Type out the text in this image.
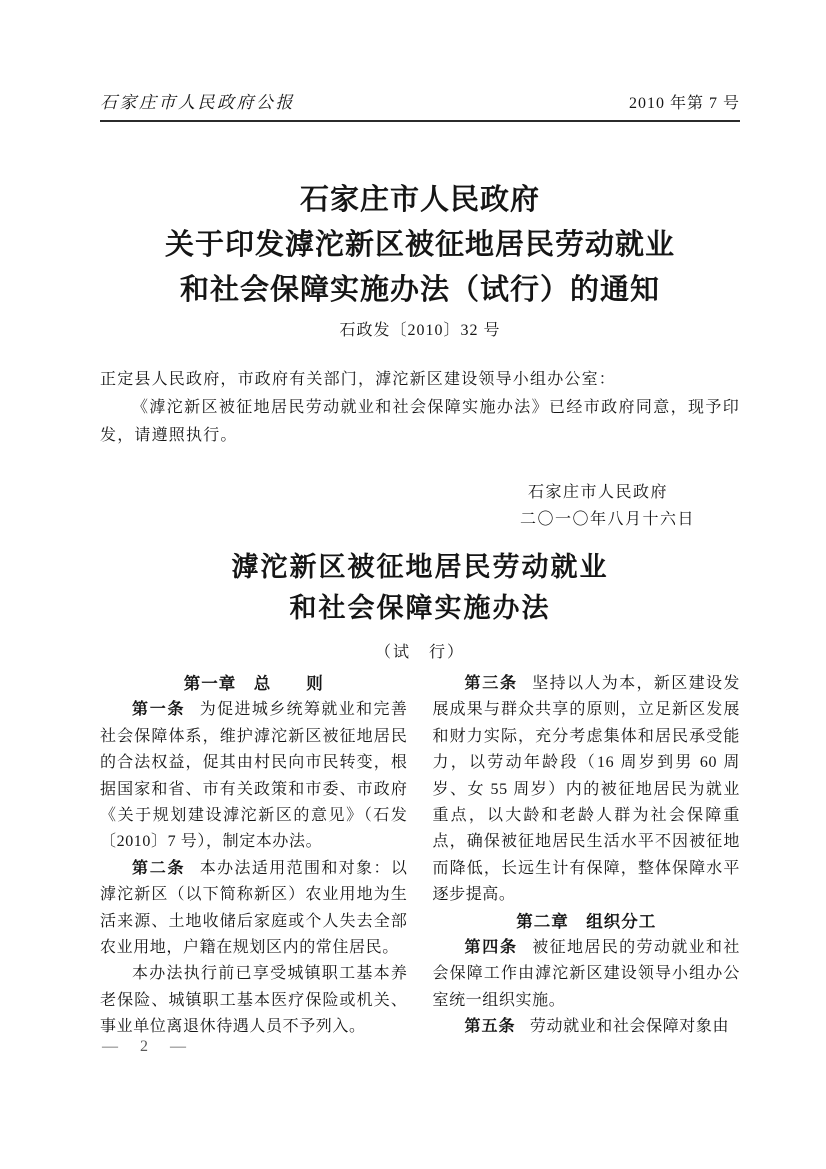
石家庄市人民政府公报	2010 年第 7 号
石家庄市人民政府
关于印发滹沱新区被征地居民劳动就业
和社会保障实施办法（试行）的通知
石政发〔2010〕32 号

正定县人民政府，市政府有关部门，滹沱新区建设领导小组办公室：

《滹沱新区被征地居民劳动就业和社会保障实施办法》已经市政府同意，现予印发，请遵照执行。

石家庄市人民政府
二〇一〇年八月十六日
滹沱新区被征地居民劳动就业
和社会保障实施办法
（试　行）

第一章　总　　则

第一条 为促进城乡统筹就业和完善社会保障体系，维护滹沱新区被征地居民的合法权益，促其由村民向市民转变，根据国家和省、市有关政策和市委、市政府《关于规划建设滹沱新区的意见》（石发〔2010〕7 号），制定本办法。

第二条 本办法适用范围和对象：以滹沱新区（以下简称新区）农业用地为生活来源、土地收储后家庭或个人失去全部农业用地，户籍在规划区内的常住居民。

本办法执行前已享受城镇职工基本养老保险、城镇职工基本医疗保险或机关、事业单位离退休待遇人员不予列入。

第三条 坚持以人为本，新区建设发展成果与群众共享的原则，立足新区发展和财力实际，充分考虑集体和居民承受能力，以劳动年龄段（16 周岁到男 60 周岁、女 55 周岁）内的被征地居民为就业重点，以大龄和老龄人群为社会保障重点，确保被征地居民生活水平不因被征地而降低，长远生计有保障，整体保障水平逐步提高。

第二章　组织分工

第四条 被征地居民的劳动就业和社会保障工作由滹沱新区建设领导小组办公室统一组织实施。

第五条 劳动就业和社会保障对象由

— 2 —
